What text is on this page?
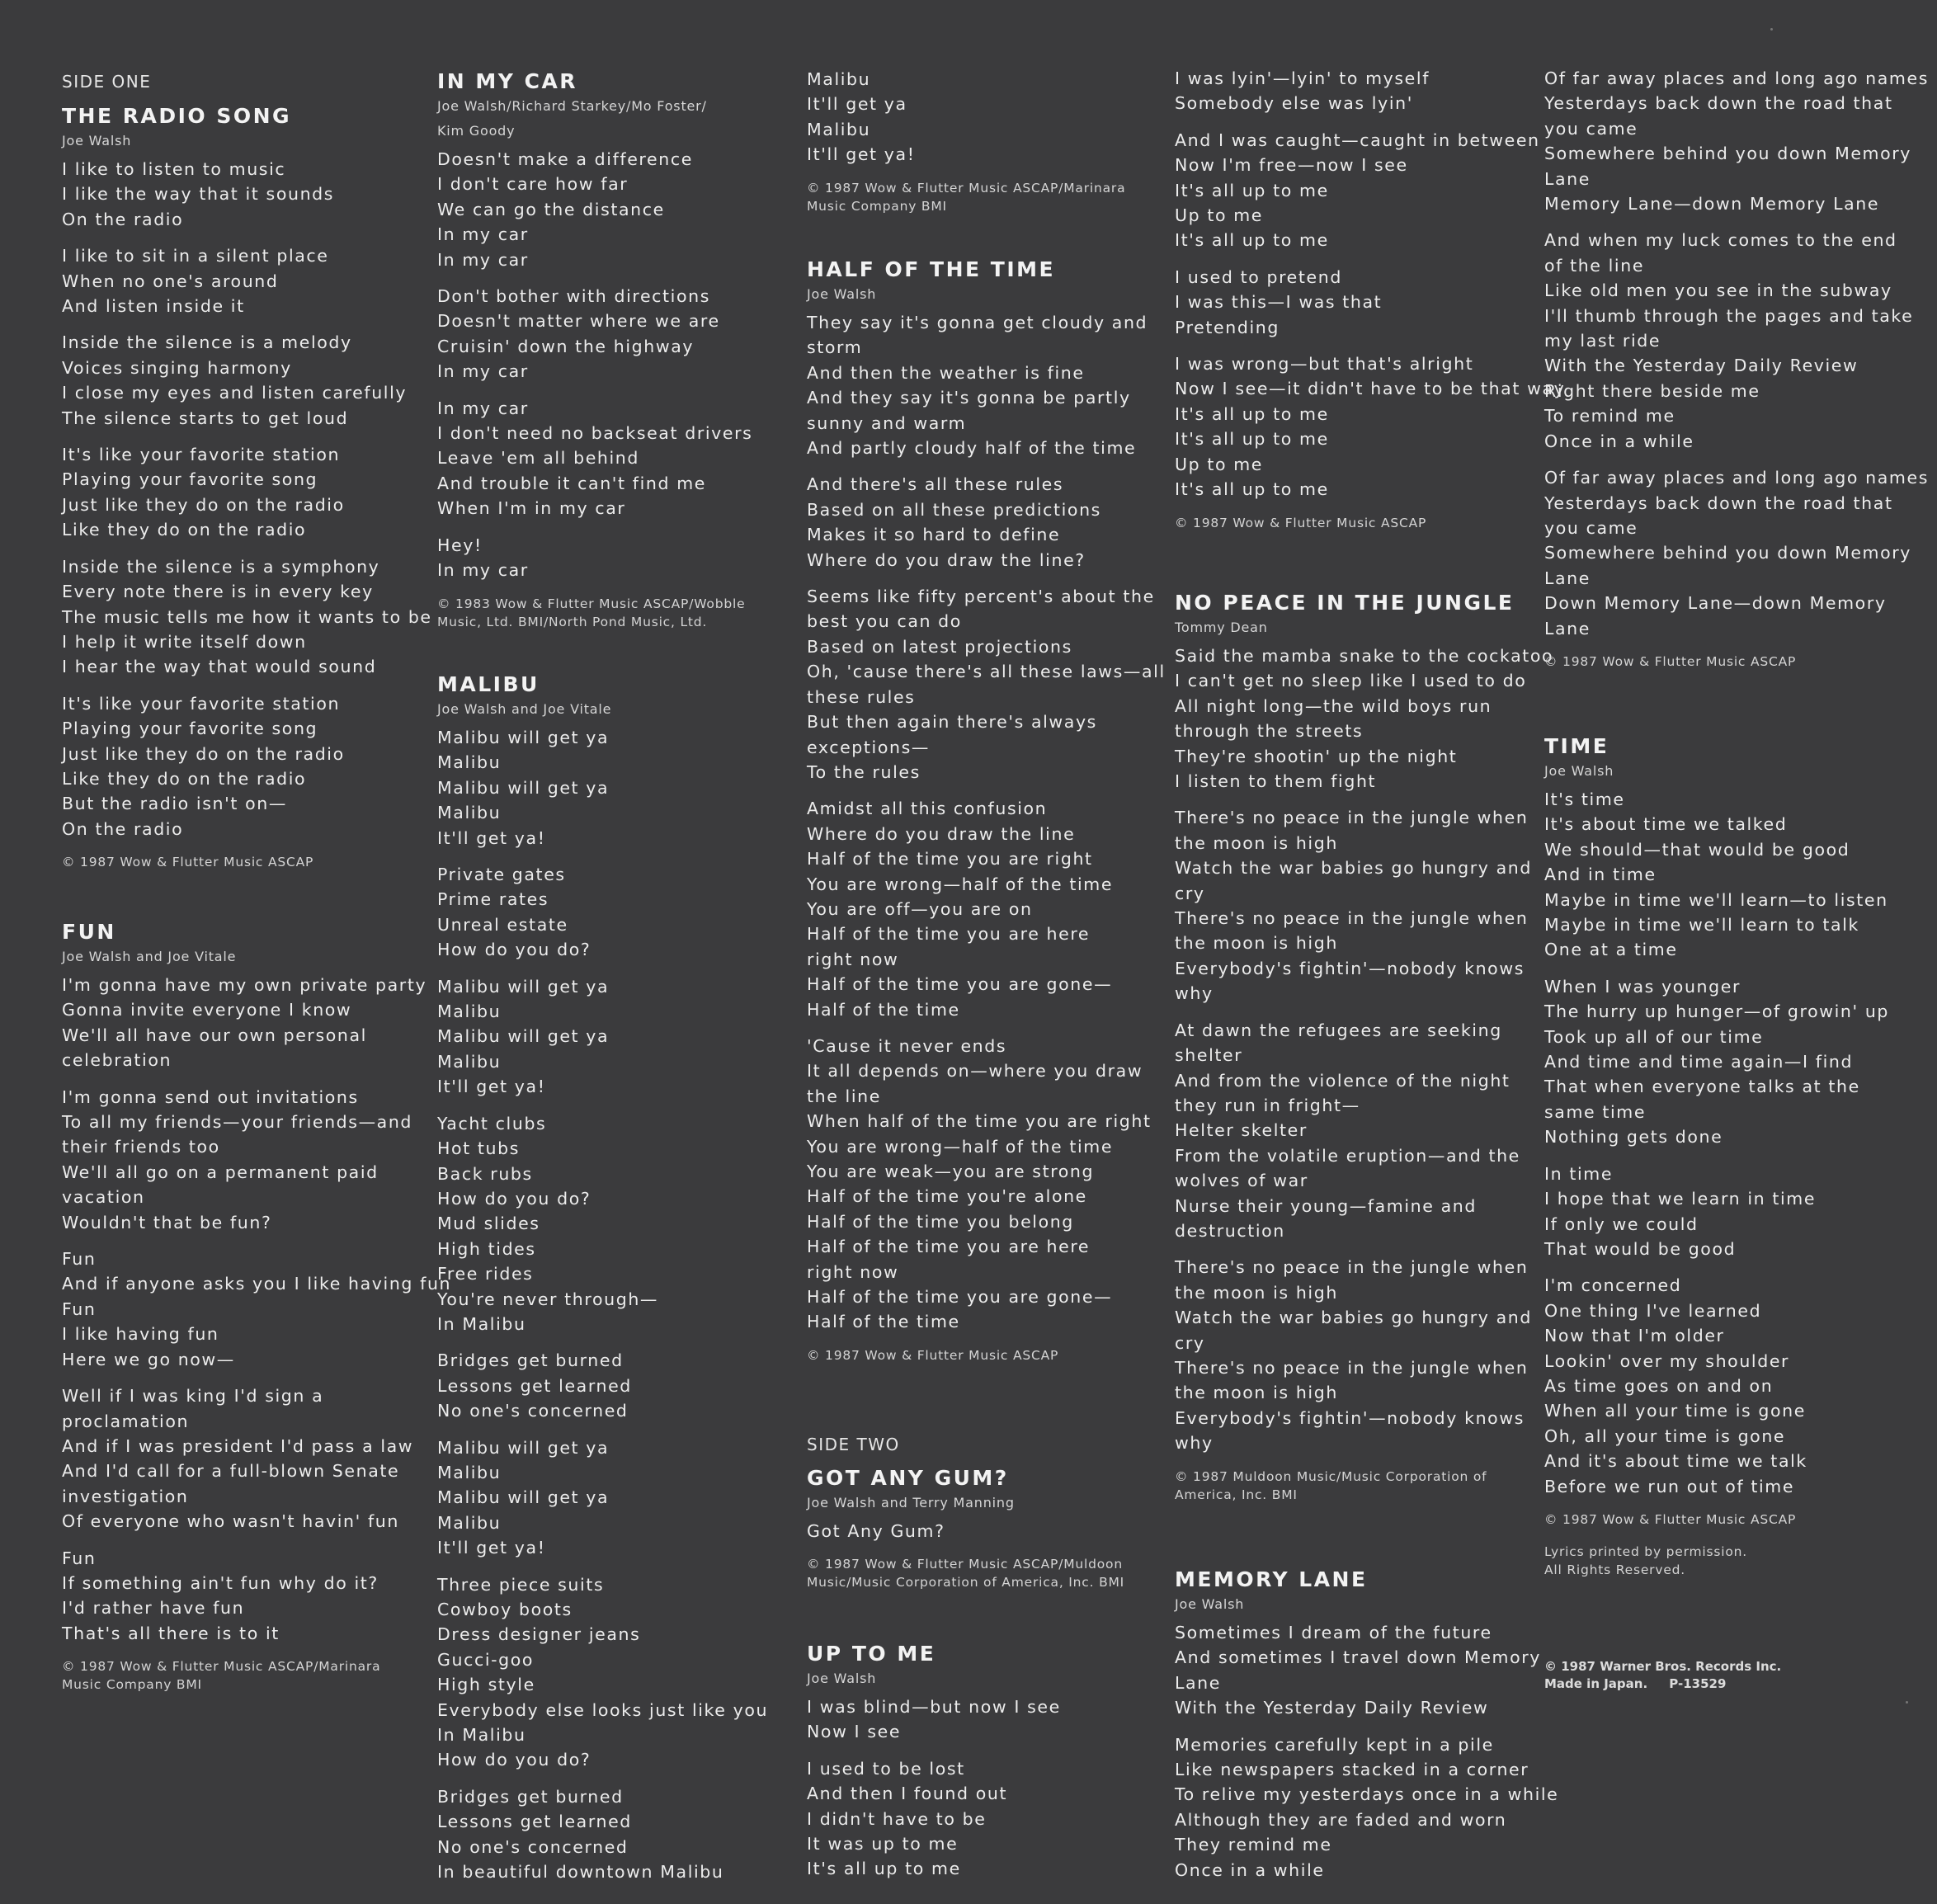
SIDE ONE
THE RADIO SONG
Joe Walsh
I like to listen to music
I like the way that it sounds
On the radio
I like to sit in a silent place
When no one's around
And listen inside it
Inside the silence is a melody
Voices singing harmony
I close my eyes and listen carefully
The silence starts to get loud
It's like your favorite station
Playing your favorite song
Just like they do on the radio
Like they do on the radio
Inside the silence is a symphony
Every note there is in every key
The music tells me how it wants to be
I help it write itself down
I hear the way that would sound
It's like your favorite station
Playing your favorite song
Just like they do on the radio
Like they do on the radio
But the radio isn't on—
On the radio
© 1987 Wow & Flutter Music ASCAP
FUN
Joe Walsh and Joe Vitale
I'm gonna have my own private party
Gonna invite everyone I know
We'll all have our own personal
celebration
I'm gonna send out invitations
To all my friends—your friends—and
their friends too
We'll all go on a permanent paid
vacation
Wouldn't that be fun?
Fun
And if anyone asks you I like having fun
Fun
I like having fun
Here we go now—
Well if I was king I'd sign a
proclamation
And if I was president I'd pass a law
And I'd call for a full-blown Senate
investigation
Of everyone who wasn't havin' fun
Fun
If something ain't fun why do it?
I'd rather have fun
That's all there is to it
© 1987 Wow & Flutter Music ASCAP/Marinara
Music Company BMI
IN MY CAR
Joe Walsh/Richard Starkey/Mo Foster/
Kim Goody
Doesn't make a difference
I don't care how far
We can go the distance
In my car
In my car
Don't bother with directions
Doesn't matter where we are
Cruisin' down the highway
In my car
In my car
I don't need no backseat drivers
Leave 'em all behind
And trouble it can't find me
When I'm in my car
Hey!
In my car
© 1983 Wow & Flutter Music ASCAP/Wobble
Music, Ltd. BMI/North Pond Music, Ltd.
MALIBU
Joe Walsh and Joe Vitale
Malibu will get ya
Malibu
Malibu will get ya
Malibu
It'll get ya!
Private gates
Prime rates
Unreal estate
How do you do?
Malibu will get ya
Malibu
Malibu will get ya
Malibu
It'll get ya!
Yacht clubs
Hot tubs
Back rubs
How do you do?
Mud slides
High tides
Free rides
You're never through—
In Malibu
Bridges get burned
Lessons get learned
No one's concerned
Malibu will get ya
Malibu
Malibu will get ya
Malibu
It'll get ya!
Three piece suits
Cowboy boots
Dress designer jeans
Gucci-goo
High style
Everybody else looks just like you
In Malibu
How do you do?
Bridges get burned
Lessons get learned
No one's concerned
In beautiful downtown Malibu
Malibu
It'll get ya
Malibu
It'll get ya!
© 1987 Wow & Flutter Music ASCAP/Marinara
Music Company BMI
HALF OF THE TIME
Joe Walsh
They say it's gonna get cloudy and
storm
And then the weather is fine
And they say it's gonna be partly
sunny and warm
And partly cloudy half of the time
And there's all these rules
Based on all these predictions
Makes it so hard to define
Where do you draw the line?
Seems like fifty percent's about the
best you can do
Based on latest projections
Oh, 'cause there's all these laws—all
these rules
But then again there's always
exceptions—
To the rules
Amidst all this confusion
Where do you draw the line
Half of the time you are right
You are wrong—half of the time
You are off—you are on
Half of the time you are here
right now
Half of the time you are gone—
Half of the time
'Cause it never ends
It all depends on—where you draw
the line
When half of the time you are right
You are wrong—half of the time
You are weak—you are strong
Half of the time you're alone
Half of the time you belong
Half of the time you are here
right now
Half of the time you are gone—
Half of the time
© 1987 Wow & Flutter Music ASCAP
SIDE TWO
GOT ANY GUM?
Joe Walsh and Terry Manning
Got Any Gum?
© 1987 Wow & Flutter Music ASCAP/Muldoon
Music/Music Corporation of America, Inc. BMI
UP TO ME
Joe Walsh
I was blind—but now I see
Now I see
I used to be lost
And then I found out
I didn't have to be
It was up to me
It's all up to me
I was lyin'—lyin' to myself
Somebody else was lyin'
And I was caught—caught in between
Now I'm free—now I see
It's all up to me
Up to me
It's all up to me
I used to pretend
I was this—I was that
Pretending
I was wrong—but that's alright
Now I see—it didn't have to be that way
It's all up to me
It's all up to me
Up to me
It's all up to me
© 1987 Wow & Flutter Music ASCAP
NO PEACE IN THE JUNGLE
Tommy Dean
Said the mamba snake to the cockatoo
I can't get no sleep like I used to do
All night long—the wild boys run
through the streets
They're shootin' up the night
I listen to them fight
There's no peace in the jungle when
the moon is high
Watch the war babies go hungry and
cry
There's no peace in the jungle when
the moon is high
Everybody's fightin'—nobody knows
why
At dawn the refugees are seeking
shelter
And from the violence of the night
they run in fright—
Helter skelter
From the volatile eruption—and the
wolves of war
Nurse their young—famine and
destruction
There's no peace in the jungle when
the moon is high
Watch the war babies go hungry and
cry
There's no peace in the jungle when
the moon is high
Everybody's fightin'—nobody knows
why
© 1987 Muldoon Music/Music Corporation of
America, Inc. BMI
MEMORY LANE
Joe Walsh
Sometimes I dream of the future
And sometimes I travel down Memory
Lane
With the Yesterday Daily Review
Memories carefully kept in a pile
Like newspapers stacked in a corner
To relive my yesterdays once in a while
Although they are faded and worn
They remind me
Once in a while
Of far away places and long ago names
Yesterdays back down the road that
you came
Somewhere behind you down Memory
Lane
Memory Lane—down Memory Lane
And when my luck comes to the end
of the line
Like old men you see in the subway
I'll thumb through the pages and take
my last ride
With the Yesterday Daily Review
Right there beside me
To remind me
Once in a while
Of far away places and long ago names
Yesterdays back down the road that
you came
Somewhere behind you down Memory
Lane
Down Memory Lane—down Memory
Lane
© 1987 Wow & Flutter Music ASCAP
TIME
Joe Walsh
It's time
It's about time we talked
We should—that would be good
And in time
Maybe in time we'll learn—to listen
Maybe in time we'll learn to talk
One at a time
When I was younger
The hurry up hunger—of growin' up
Took up all of our time
And time and time again—I find
That when everyone talks at the
same time
Nothing gets done
In time
I hope that we learn in time
If only we could
That would be good
I'm concerned
One thing I've learned
Now that I'm older
Lookin' over my shoulder
As time goes on and on
When all your time is gone
Oh, all your time is gone
And it's about time we talk
Before we run out of time
© 1987 Wow & Flutter Music ASCAP
Lyrics printed by permission.
All Rights Reserved.
© 1987 Warner Bros. Records Inc.
Made in Japan.     P-13529
